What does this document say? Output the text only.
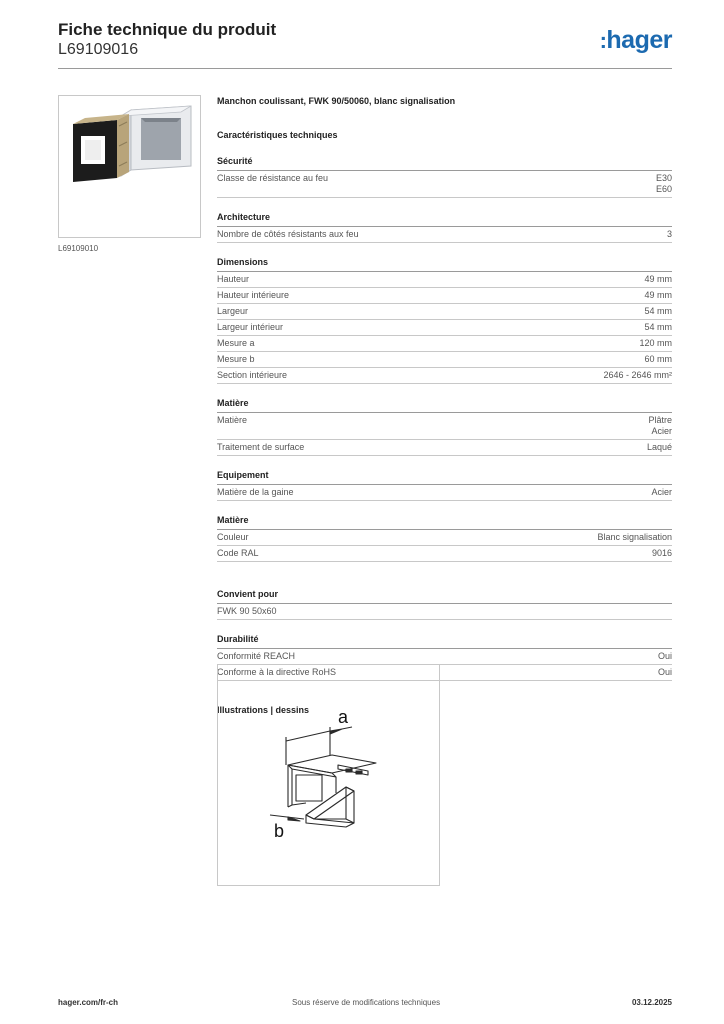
Fiche technique du produit
L69109016	:hager
L69109010
Manchon coulissant, FWK 90/50060, blanc signalisation
Caractéristiques techniques
Sécurité
Classe de résistance au feu	E30
E60
Architecture
Nombre de côtés résistants aux feu	3
Dimensions
Hauteur	49 mm
Hauteur intérieure	49 mm
Largeur	54 mm
Largeur intérieur	54 mm
Mesure a	120 mm
Mesure b	60 mm
Section intérieure	2646 - 2646 mm²
Matière
Matière	Plâtre
Acier
Traitement de surface	Laqué
Equipement
Matière de la gaine	Acier
Matière
Couleur	Blanc signalisation
Code RAL	9016
Convient pour
FWK 90 50x60
Durabilité
Conformité REACH	Oui
Conforme à la directive RoHS	Oui
Illustrations | dessins	a
b
hager.com/fr-ch	Sous réserve de modifications techniques	03.12.2025
